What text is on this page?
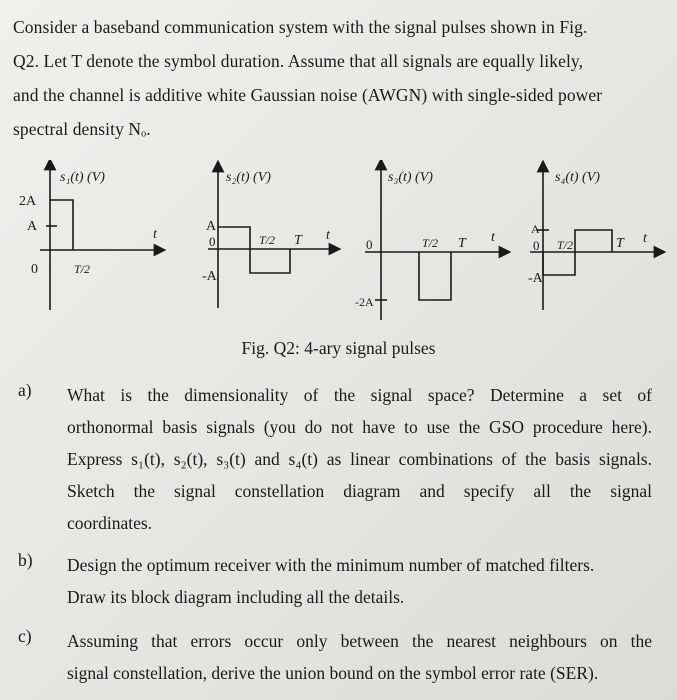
Consider a baseband communication system with the signal pulses shown in Fig.
Q2. Let T denote the symbol duration. Assume that all signals are equally likely,
and the channel is additive white Gaussian noise (AWGN) with single-sided power
spectral density Nₒ.
s₁(t) (V)
2A
A
0	T/2
t
s₂(t) (V)
A
0	T/2 T t
-A
s₃(t) (V)
0	T/2 T t
-2A
s₄(t) (V)
A
0 T/2	T t
-A
Fig. Q2: 4-ary signal pulses
a) What is the dimensionality of the signal space? Determine a set of
orthonormal basis signals (you do not have to use the GSO procedure here).
Express s₁(t), s₂(t), s₃(t) and s₄(t) as linear combinations of the basis signals.
Sketch the signal constellation diagram and specify all the signal
coordinates.
b) Design the optimum receiver with the minimum number of matched filters.
Draw its block diagram including all the details.
c) Assuming that errors occur only between the nearest neighbours on the
signal constellation, derive the union bound on the symbol error rate (SER).
